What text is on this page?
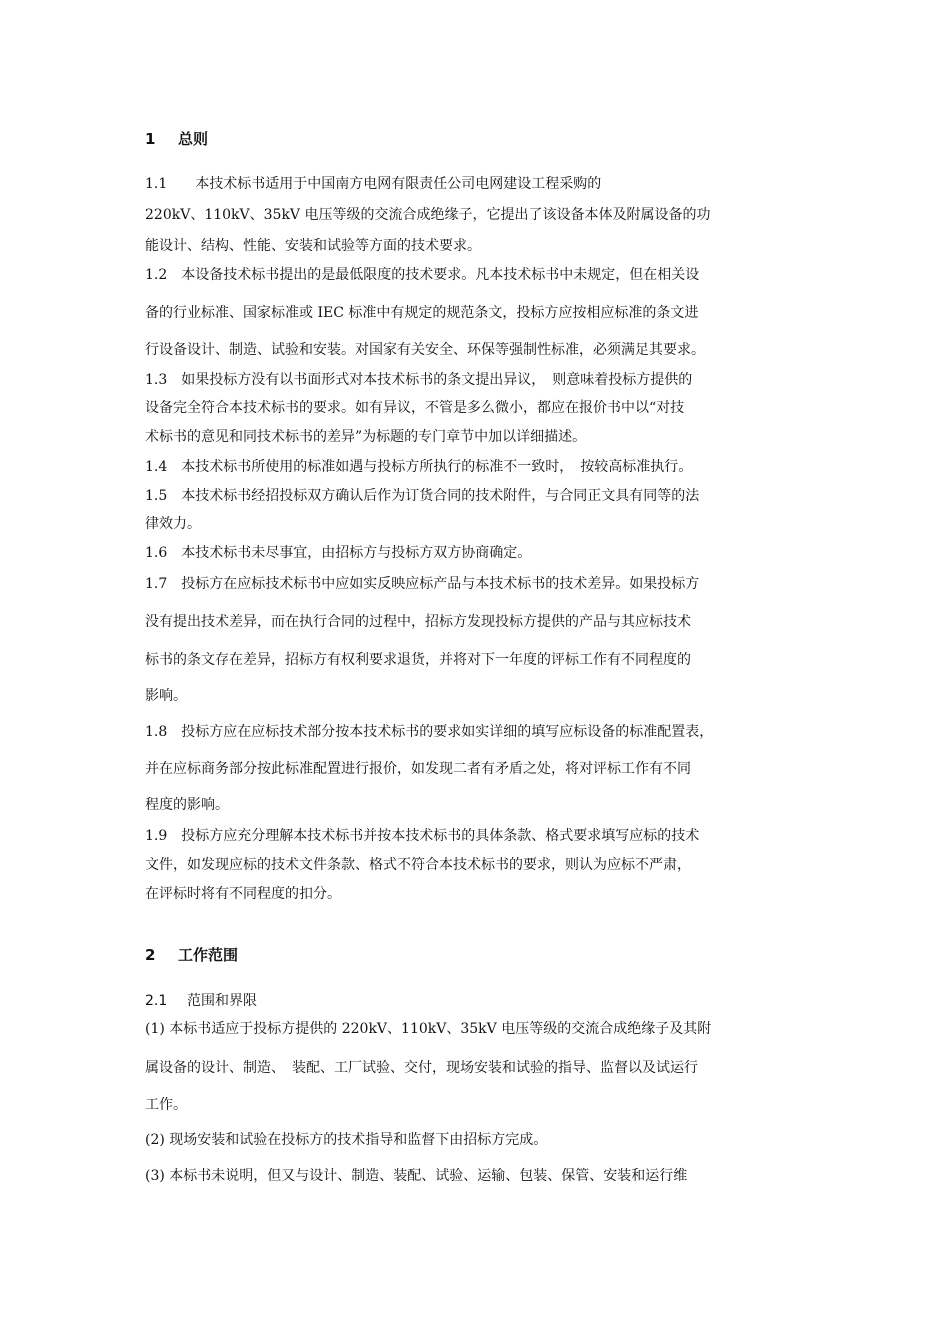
1 总则
1.1　　本技术标书适用于中国南方电网有限责任公司电网建设工程采购的
220kV、110kV、35kV 电压等级的交流合成绝缘子，它提出了该设备本体及附属设备的功
能设计、结构、性能、安装和试验等方面的技术要求。
1.2　本设备技术标书提出的是最低限度的技术要求。凡本技术标书中未规定，但在相关设
备的行业标准、国家标准或 IEC 标准中有规定的规范条文，投标方应按相应标准的条文进
行设备设计、制造、试验和安装。对国家有关安全、环保等强制性标准，必须满足其要求。
1.3　如果投标方没有以书面形式对本技术标书的条文提出异议，　则意味着投标方提供的
设备完全符合本技术标书的要求。如有异议，不管是多么微小，都应在报价书中以“对技
术标书的意见和同技术标书的差异”为标题的专门章节中加以详细描述。
1.4　本技术标书所使用的标准如遇与投标方所执行的标准不一致时，　按较高标准执行。
1.5　本技术标书经招投标双方确认后作为订货合同的技术附件，与合同正文具有同等的法
律效力。
1.6　本技术标书未尽事宜，由招标方与投标方双方协商确定。
1.7　投标方在应标技术标书中应如实反映应标产品与本技术标书的技术差异。如果投标方
没有提出技术差异，而在执行合同的过程中，招标方发现投标方提供的产品与其应标技术
标书的条文存在差异，招标方有权利要求退货，并将对下一年度的评标工作有不同程度的
影响。
1.8　投标方应在应标技术部分按本技术标书的要求如实详细的填写应标设备的标准配置表，
并在应标商务部分按此标准配置进行报价，如发现二者有矛盾之处，将对评标工作有不同
程度的影响。
1.9　投标方应充分理解本技术标书并按本技术标书的具体条款、格式要求填写应标的技术
文件，如发现应标的技术文件条款、格式不符合本技术标书的要求，则认为应标不严肃，
在评标时将有不同程度的扣分。
2 工作范围
2.1 范围和界限
(1) 本标书适应于投标方提供的 220kV、110kV、35kV 电压等级的交流合成绝缘子及其附
属设备的设计、制造、　装配、工厂试验、交付，现场安装和试验的指导、监督以及试运行
工作。
(2) 现场安装和试验在投标方的技术指导和监督下由招标方完成。
(3) 本标书未说明，但又与设计、制造、装配、试验、运输、包装、保管、安装和运行维
